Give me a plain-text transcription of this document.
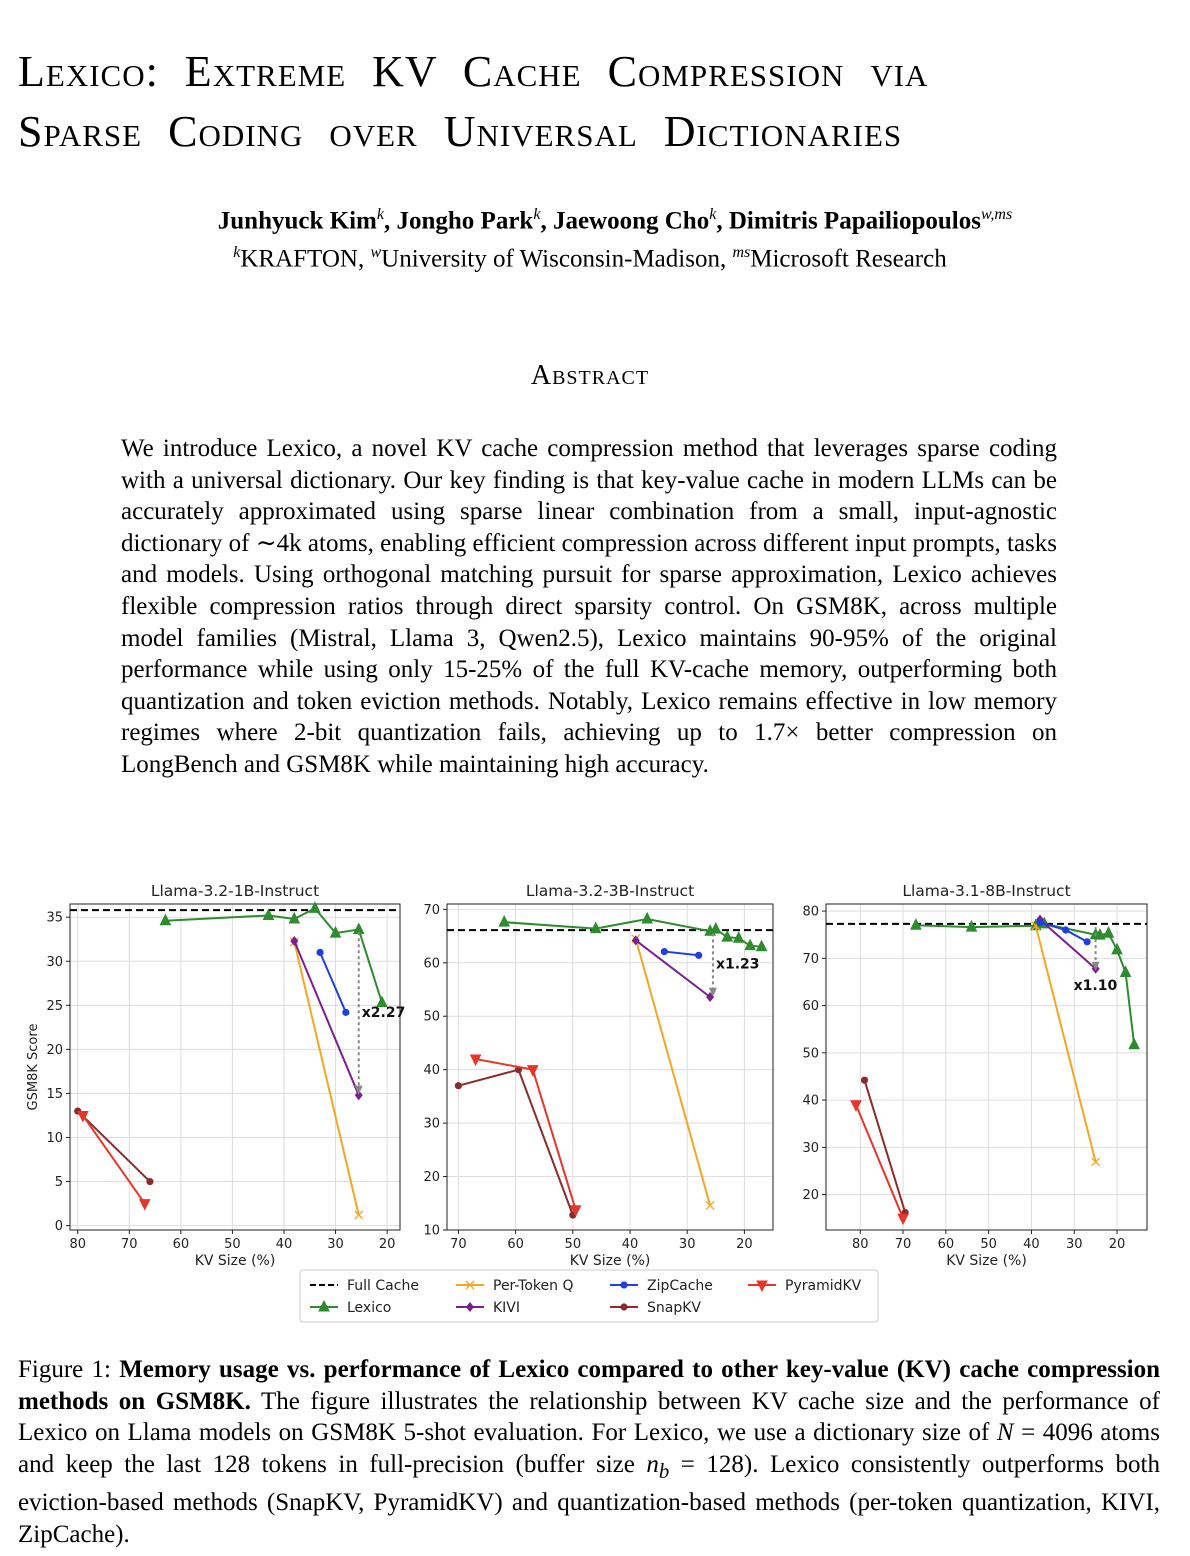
Lexico: Extreme KV Cache Compression via
Sparse Coding over Universal Dictionaries
Junhyuck Kim$^k$, Jongho Park$^k$, Jaewoong Cho$^k$, Dimitris Papailiopoulos$^{w,ms}$
$^k$KRAFTON, $^w$University of Wisconsin-Madison, $^{ms}$Microsoft Research
Abstract
We introduce Lexico, a novel KV cache compression method that leverages sparse coding with a universal dictionary. Our key finding is that key-value cache in modern LLMs can be accurately approximated using sparse linear combination from a small, input-agnostic dictionary of ∼4k atoms, enabling efficient compression across different input prompts, tasks and models. Using orthogonal matching pursuit for sparse approximation, Lexico achieves flexible compression ratios through direct sparsity control. On GSM8K, across multiple model families (Mistral, Llama 3, Qwen2.5), Lexico maintains 90-95% of the original performance while using only 15-25% of the full KV-cache memory, outperforming both quantization and token eviction methods. Notably, Lexico remains effective in low memory regimes where 2-bit quantization fails, achieving up to 1.7× better compression on LongBench and GSM8K while maintaining high accuracy.
80	70	60	50	40	30	20
0
5
10
15
20
25
30
35
Llama-3.2-1B-Instruct
KV Size (%)
GSM8K Score
x2.27
70	60	50	40	30	20
10
20
30
40
50
60
70
Llama-3.2-3B-Instruct
KV Size (%)
x1.23
80 70 60 50 40 30 20
20
30
40
50
60
70
80
Llama-3.1-8B-Instruct
KV Size (%)
x1.10
Full Cache
Lexico
Per-Token Q
KIVI
ZipCache
SnapKV
PyramidKV
Figure 1: Memory usage vs. performance of Lexico compared to other key-value (KV) cache compression methods on GSM8K. The figure illustrates the relationship between KV cache size and the performance of Lexico on Llama models on GSM8K 5-shot evaluation. For Lexico, we use a dictionary size of N = 4096 atoms and keep the last 128 tokens in full-precision (buffer size $n_b = 128$). Lexico consistently outperforms both eviction-based methods (SnapKV, PyramidKV) and quantization-based methods (per-token quantization, KIVI, ZipCache).
